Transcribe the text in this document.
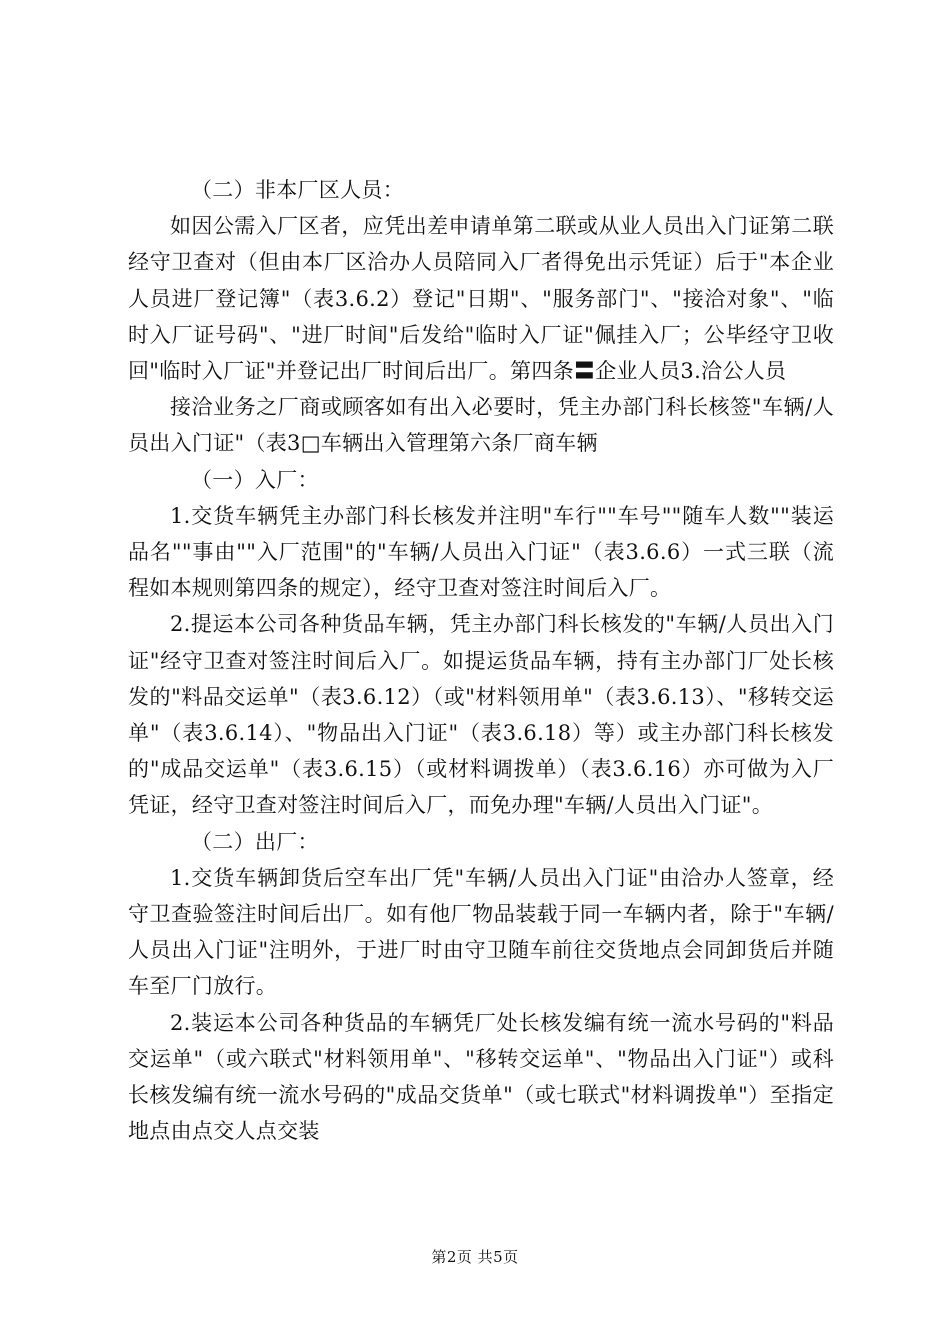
（二）非本厂区人员：

如因公需入厂区者，应凭出差申请单第二联或从业人员出入门证第二联经守卫查对（但由本厂区洽办人员陪同入厂者得免出示凭证）后于"本企业人员进厂登记簿"（表3.6.2）登记"日期"、"服务部门"、"接洽对象"、"临时入厂证号码"、"进厂时间"后发给"临时入厂证"佩挂入厂；公毕经守卫收回"临时入厂证"并登记出厂时间后出厂。第四条〓企业人员3.洽公人员

接洽业务之厂商或顾客如有出入必要时，凭主办部门科长核签"车辆/人员出入门证"（表3□车辆出入管理第六条厂商车辆

（一）入厂：

1.交货车辆凭主办部门科长核发并注明"车行""车号""随车人数""装运品名""事由""入厂范围"的"车辆/人员出入门证"（表3.6.6）一式三联（流程如本规则第四条的规定），经守卫查对签注时间后入厂。

2.提运本公司各种货品车辆，凭主办部门科长核发的"车辆/人员出入门证"经守卫查对签注时间后入厂。如提运货品车辆，持有主办部门厂处长核发的"料品交运单"（表3.6.12）（或"材料领用单"（表3.6.13）、"移转交运单"（表3.6.14）、"物品出入门证"（表3.6.18）等）或主办部门科长核发的"成品交运单"（表3.6.15）（或材料调拨单）（表3.6.16）亦可做为入厂凭证，经守卫查对签注时间后入厂，而免办理"车辆/人员出入门证"。

（二）出厂：

1.交货车辆卸货后空车出厂凭"车辆/人员出入门证"由洽办人签章，经守卫查验签注时间后出厂。如有他厂物品装载于同一车辆内者，除于"车辆/人员出入门证"注明外，于进厂时由守卫随车前往交货地点会同卸货后并随车至厂门放行。

2.装运本公司各种货品的车辆凭厂处长核发编有统一流水号码的"料品交运单"（或六联式"材料领用单"、"移转交运单"、"物品出入门证"）或科长核发编有统一流水号码的"成品交货单"（或七联式"材料调拨单"）至指定地点由点交人点交装

第2页 共5页
